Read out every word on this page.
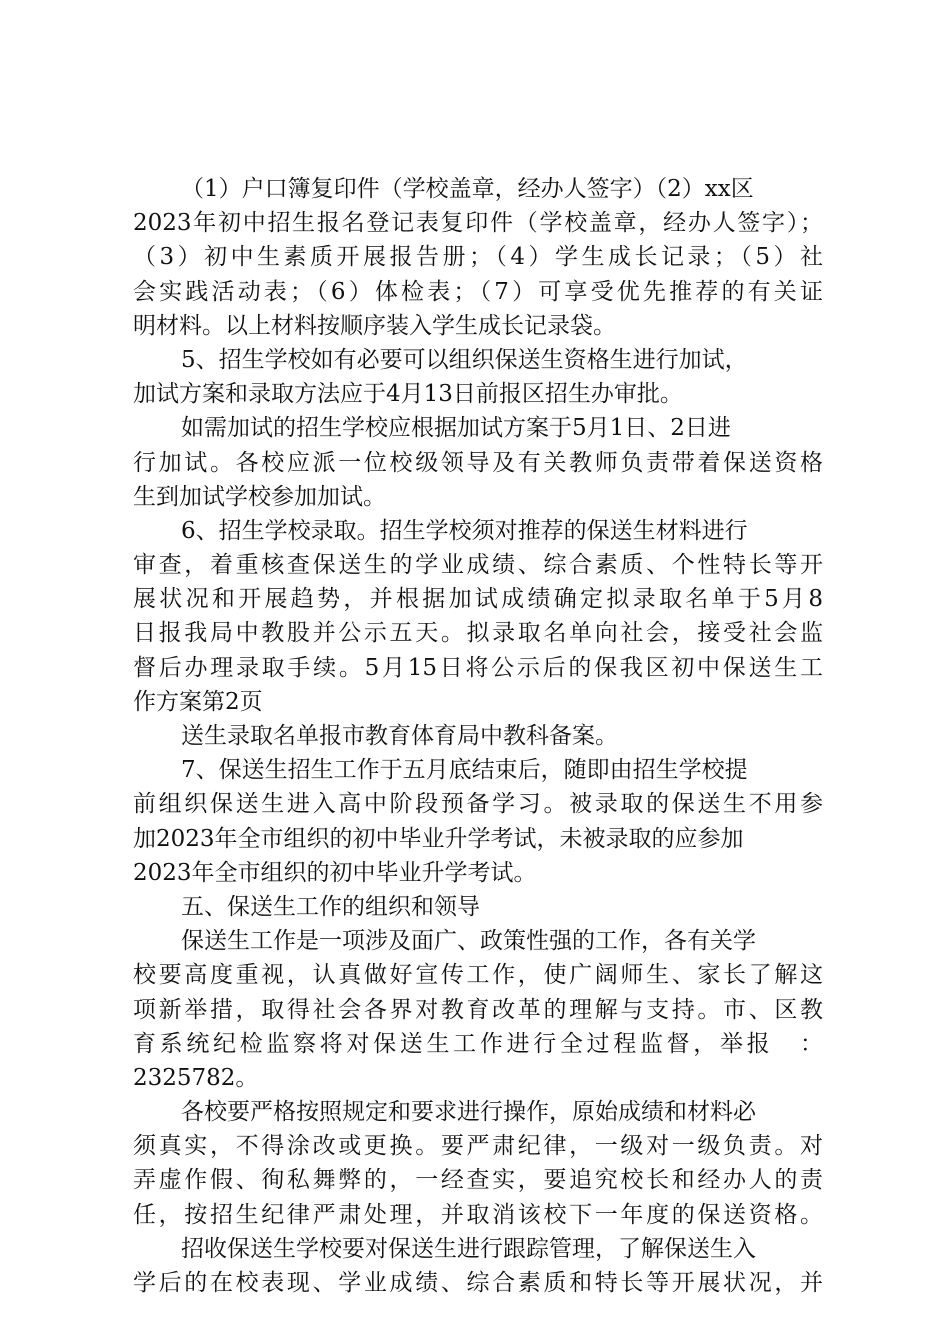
（1）户口簿复印件（学校盖章，经办人签字）（2）xx区
2023年初中招生报名登记表复印件（学校盖章，经办人签字）；
（3）初中生素质开展报告册；（4）学生成长记录；（5）社
会实践活动表；（6）体检表；（7）可享受优先推荐的有关证
明材料。以上材料按顺序装入学生成长记录袋。
5、招生学校如有必要可以组织保送生资格生进行加试，
加试方案和录取方法应于4月13日前报区招生办审批。
如需加试的招生学校应根据加试方案于5月1日、2日进
行加试。各校应派一位校级领导及有关教师负责带着保送资格
生到加试学校参加加试。
6、招生学校录取。招生学校须对推荐的保送生材料进行
审查，着重核查保送生的学业成绩、综合素质、个性特长等开
展状况和开展趋势，并根据加试成绩确定拟录取名单于5月8
日报我局中教股并公示五天。拟录取名单向社会，接受社会监
督后办理录取手续。5月15日将公示后的保我区初中保送生工
作方案第2页
送生录取名单报市教育体育局中教科备案。
7、保送生招生工作于五月底结束后，随即由招生学校提
前组织保送生进入高中阶段预备学习。被录取的保送生不用参
加2023年全市组织的初中毕业升学考试，未被录取的应参加
2023年全市组织的初中毕业升学考试。
五、保送生工作的组织和领导
保送生工作是一项涉及面广、政策性强的工作，各有关学
校要高度重视，认真做好宣传工作，使广阔师生、家长了解这
项新举措，取得社会各界对教育改革的理解与支持。市、区教
育系统纪检监察将对保送生工作进行全过程监督，举报　：
2325782。
各校要严格按照规定和要求进行操作，原始成绩和材料必
须真实，不得涂改或更换。要严肃纪律，一级对一级负责。对
弄虚作假、徇私舞弊的，一经查实，要追究校长和经办人的责
任，按招生纪律严肃处理，并取消该校下一年度的保送资格。
招收保送生学校要对保送生进行跟踪管理，了解保送生入
学后的在校表现、学业成绩、综合素质和特长等开展状况，并
